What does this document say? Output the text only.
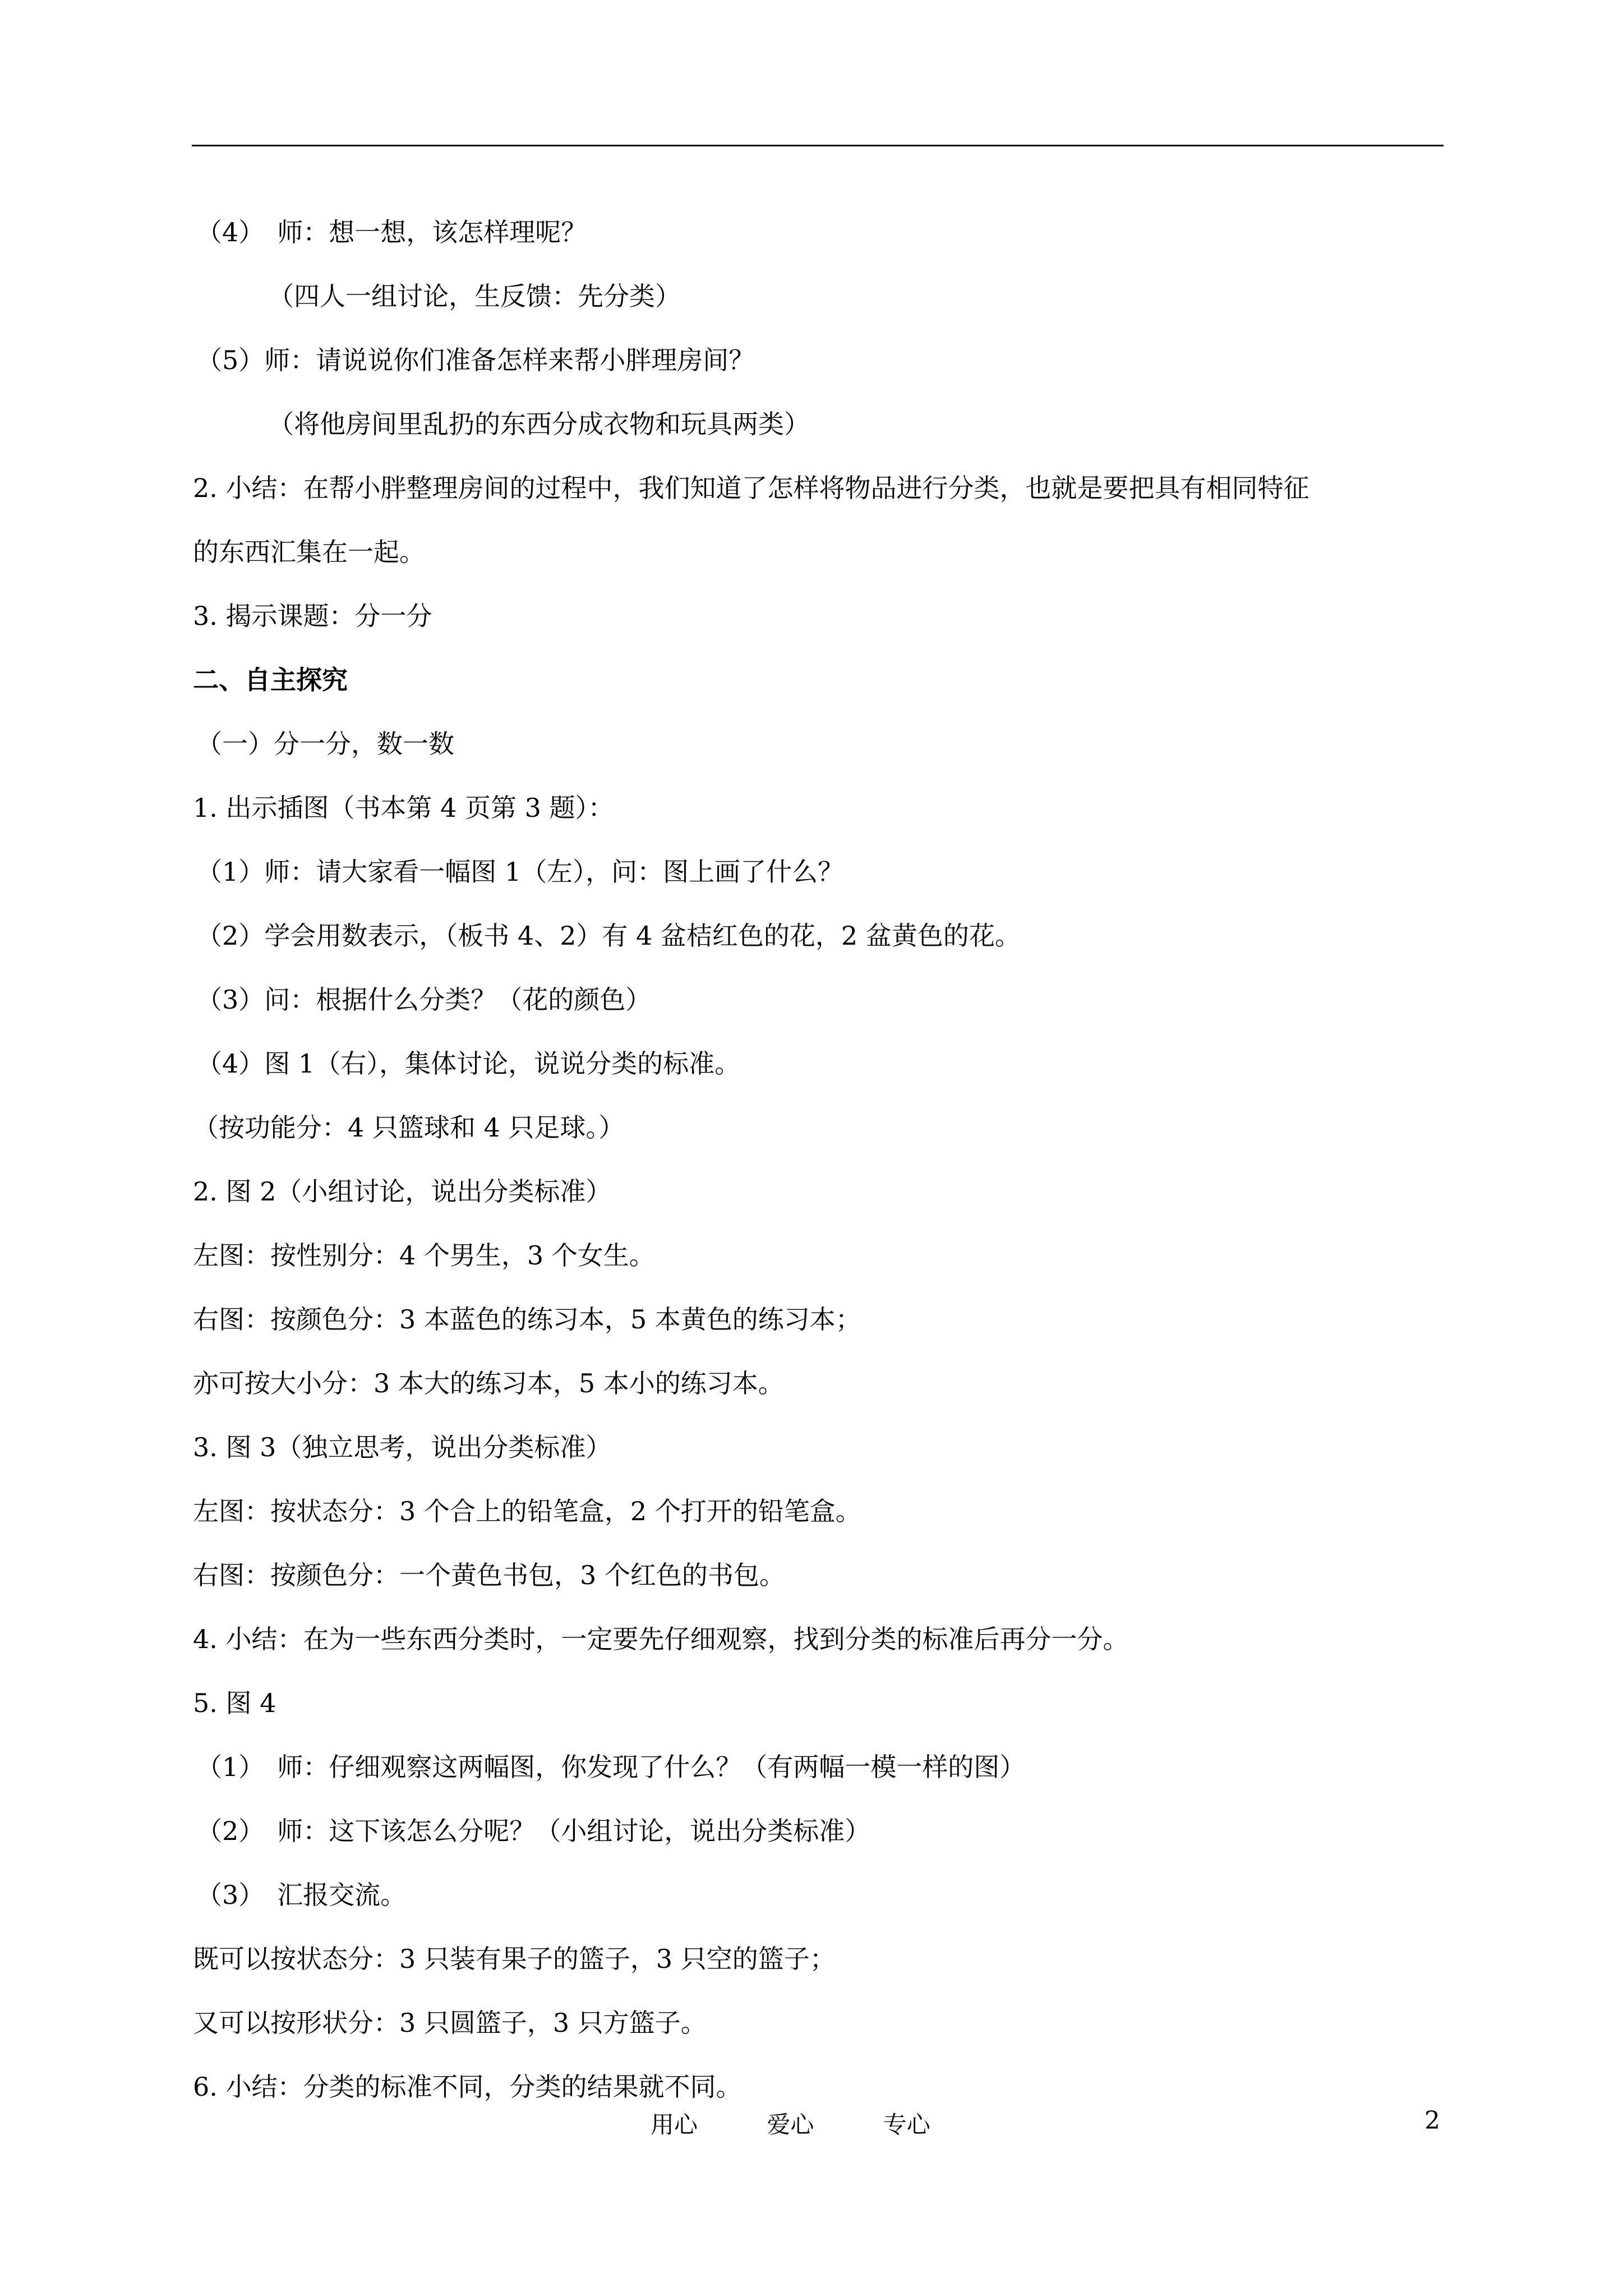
（4）　师：想一想，该怎样理呢？
（四人一组讨论，生反馈：先分类）
（5）师：请说说你们准备怎样来帮小胖理房间？
（将他房间里乱扔的东西分成衣物和玩具两类）
2. 小结：在帮小胖整理房间的过程中，我们知道了怎样将物品进行分类，也就是要把具有相同特征
的东西汇集在一起。
3. 揭示课题：分一分
二、自主探究
（一）分一分，数一数
1. 出示插图（书本第 4 页第 3 题）：
（1）师：请大家看一幅图 1（左），问：图上画了什么？
（2）学会用数表示，（板书 4、2）有 4 盆桔红色的花，2 盆黄色的花。
（3）问：根据什么分类？（花的颜色）
（4）图 1（右），集体讨论，说说分类的标准。
（按功能分：4 只篮球和 4 只足球。）
2. 图 2（小组讨论，说出分类标准）
左图：按性别分：4 个男生，3 个女生。
右图：按颜色分：3 本蓝色的练习本，5 本黄色的练习本；
亦可按大小分：3 本大的练习本，5 本小的练习本。
3. 图 3（独立思考，说出分类标准）
左图：按状态分：3 个合上的铅笔盒，2 个打开的铅笔盒。
右图：按颜色分：一个黄色书包，3 个红色的书包。
4. 小结：在为一些东西分类时，一定要先仔细观察，找到分类的标准后再分一分。
5. 图 4
（1）　师：仔细观察这两幅图，你发现了什么？（有两幅一模一样的图）
（2）　师：这下该怎么分呢？（小组讨论，说出分类标准）
（3）　汇报交流。
既可以按状态分：3 只装有果子的篮子，3 只空的篮子；
又可以按形状分：3 只圆篮子，3 只方篮子。
6. 小结：分类的标准不同，分类的结果就不同。
用心	爱心	专心	2
